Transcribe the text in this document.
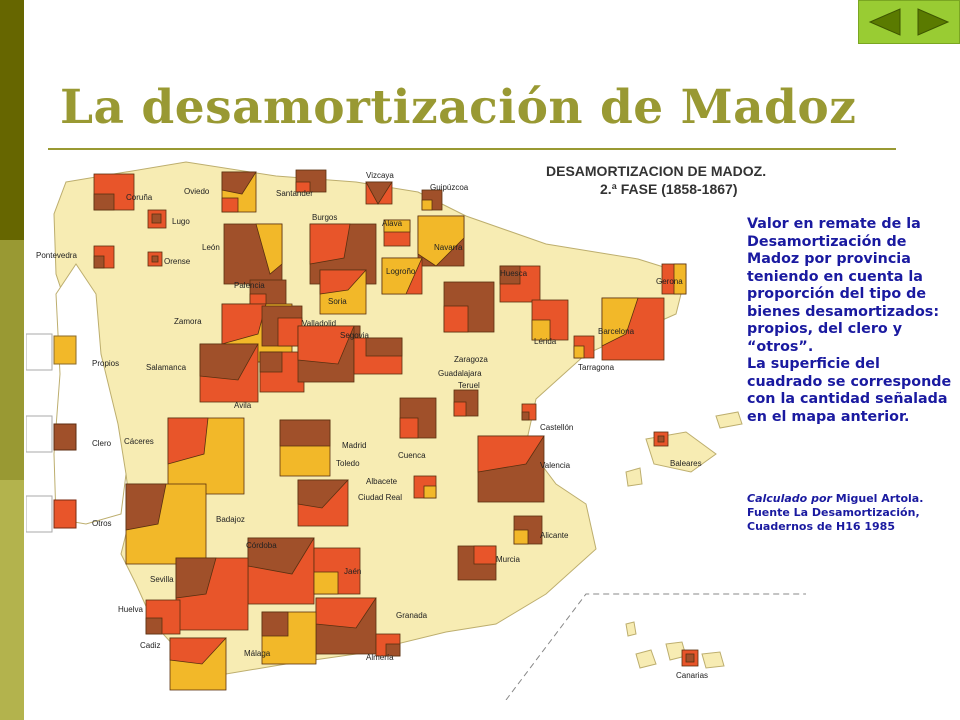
La desamortización de Madoz
DESAMORTIZACION DE MADOZ.
2.ª FASE (1858-1867)
Propios
Clero
Otros
Coruña
Oviedo	Santander
Vizcaya
Guipúzcoa
Lugo	Burgos
Alava
Navarra
León
Pontevedra
Orense
Logroño	Huesca
Gerona
Palencia
Soria
Zamora	Valladolid
Barcelona
Lérida
Segovia
Salamanca
Zaragoza
Tarragona
Guadalajara
Avila
Teruel
Cáceres	Madrid
Castellón
Cuenca
Toledo	Baleares
Valencia
Albacete
Ciudad Real
Badajoz
Alicante
Córdoba
Murcia
Jaén
Sevilla
Huelva
Granada
Cadiz
Málaga	Almería
Canarias

Valor en remate de la Desamortización de Madoz por provincia teniendo en cuenta la proporción del tipo de bienes desamortizados: propios, del clero y “otros”.

La superficie del cuadrado se corresponde con la cantidad señalada en el mapa anterior.

Calculado por Miguel Artola.
Fuente La Desamortización, Cuadernos de H16 1985
